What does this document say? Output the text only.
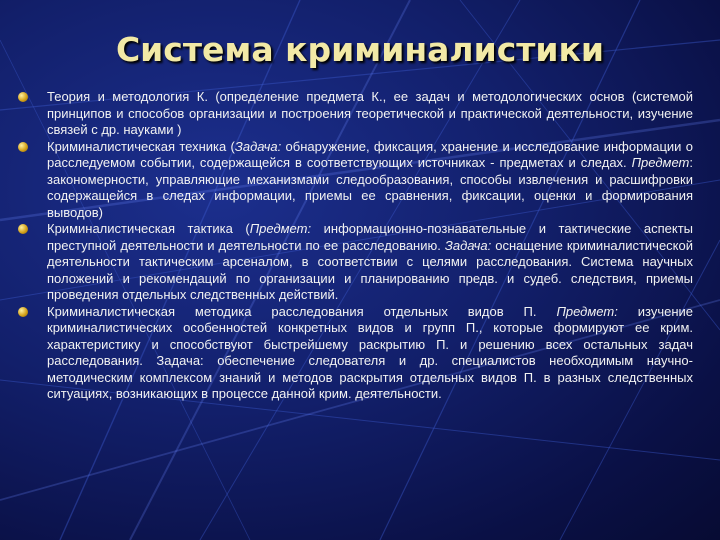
Система криминалистики
Теория и методология К. (определение предмета К., ее задач и методологических основ (системой принципов и способов организации и построения теоретической и практической деятельности, изучение связей с др. науками )
Криминалистическая техника (Задача: обнаружение, фиксация, хранение и исследование информации о расследуемом событии, содержащейся в соответствующих источниках - предметах и следах. Предмет: закономерности, управляющие механизмами следообразования, способы извлечения и расшифровки содержащейся в следах информации, приемы ее сравнения, фиксации, оценки и формирования выводов)
Криминалистическая тактика (Предмет: информационно-познавательные и тактические аспекты преступной деятельности и деятельности по ее расследованию. Задача: оснащение криминалистической деятельности тактическим арсеналом, в соответствии с целями расследования. Система научных положений и рекомендаций по организации и планированию предв. и судеб. следствия, приемы проведения отдельных следственных действий.
Криминалистическая методика расследования отдельных видов П. Предмет: изучение криминалистических особенностей конкретных видов и групп П., которые формируют ее крим. характеристику и способствуют быстрейшему раскрытию П. и решению всех остальных задач расследования. Задача: обеспечение следователя и др. специалистов необходимым научно-методическим комплексом знаний и методов раскрытия отдельных видов П. в разных следственных ситуациях, возникающих в процессе данной крим. деятельности.
